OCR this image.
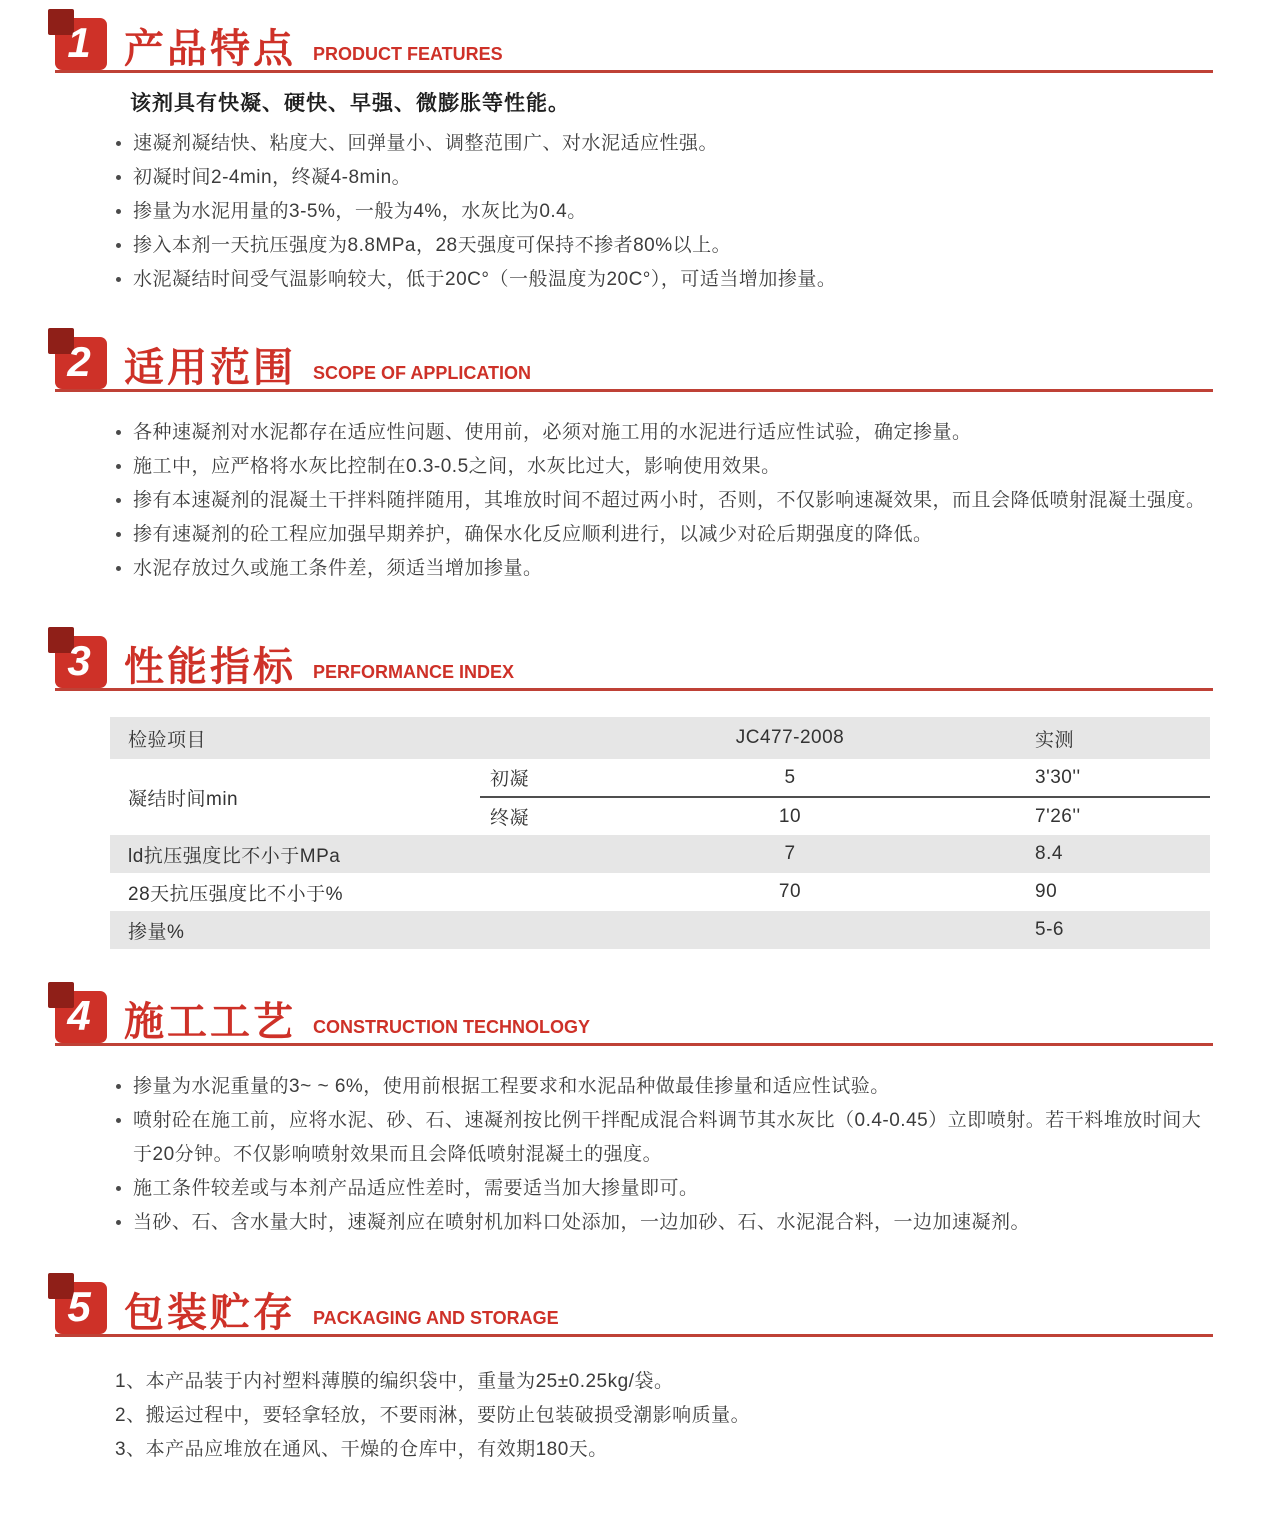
1 产品特点 PRODUCT FEATURES

该剂具有快凝、硬快、早强、微膨胀等性能。

速凝剂凝结快、粘度大、回弹量小、调整范围广、对水泥适应性强。
初凝时间2-4min，终凝4-8min。
掺量为水泥用量的3-5%，一般为4%，水灰比为0.4。
掺入本剂一天抗压强度为8.8MPa，28天强度可保持不掺者80%以上。
水泥凝结时间受气温影响较大，低于20C°（一般温度为20C°），可适当增加掺量。
2 适用范围 SCOPE OF APPLICATION
各种速凝剂对水泥都存在适应性问题、使用前，必须对施工用的水泥进行适应性试验，确定掺量。
施工中，应严格将水灰比控制在0.3-0.5之间，水灰比过大，影响使用效果。
掺有本速凝剂的混凝土干拌料随拌随用，其堆放时间不超过两小时，否则，不仅影响速凝效果，而且会降低喷射混凝土强度。
掺有速凝剂的砼工程应加强早期养护，确保水化反应顺利进行，以减少对砼后期强度的降低。
水泥存放过久或施工条件差，须适当增加掺量。
3 性能指标 PERFORMANCE INDEX
检验项目		JC477-2008	实测
凝结时间min	初凝	5	3'30''
	终凝	10	7'26''
ld抗压强度比不小于MPa		7	8.4
28天抗压强度比不小于%		70	90
掺量%			5-6
4 施工工艺 CONSTRUCTION TECHNOLOGY
掺量为水泥重量的3~ ~ 6%，使用前根据工程要求和水泥品种做最佳掺量和适应性试验。
喷射砼在施工前，应将水泥、砂、石、速凝剂按比例干拌配成混合料调节其水灰比（0.4-0.45）立即喷射。若干料堆放时间大于20分钟。不仅影响喷射效果而且会降低喷射混凝土的强度。
施工条件较差或与本剂产品适应性差时，需要适当加大掺量即可。
当砂、石、含水量大时，速凝剂应在喷射机加料口处添加，一边加砂、石、水泥混合料，一边加速凝剂。
5 包装贮存 PACKAGING AND STORAGE
1、本产品装于内衬塑料薄膜的编织袋中，重量为25±0.25kg/袋。
2、搬运过程中，要轻拿轻放，不要雨淋，要防止包装破损受潮影响质量。
3、本产品应堆放在通风、干燥的仓库中，有效期180天。
